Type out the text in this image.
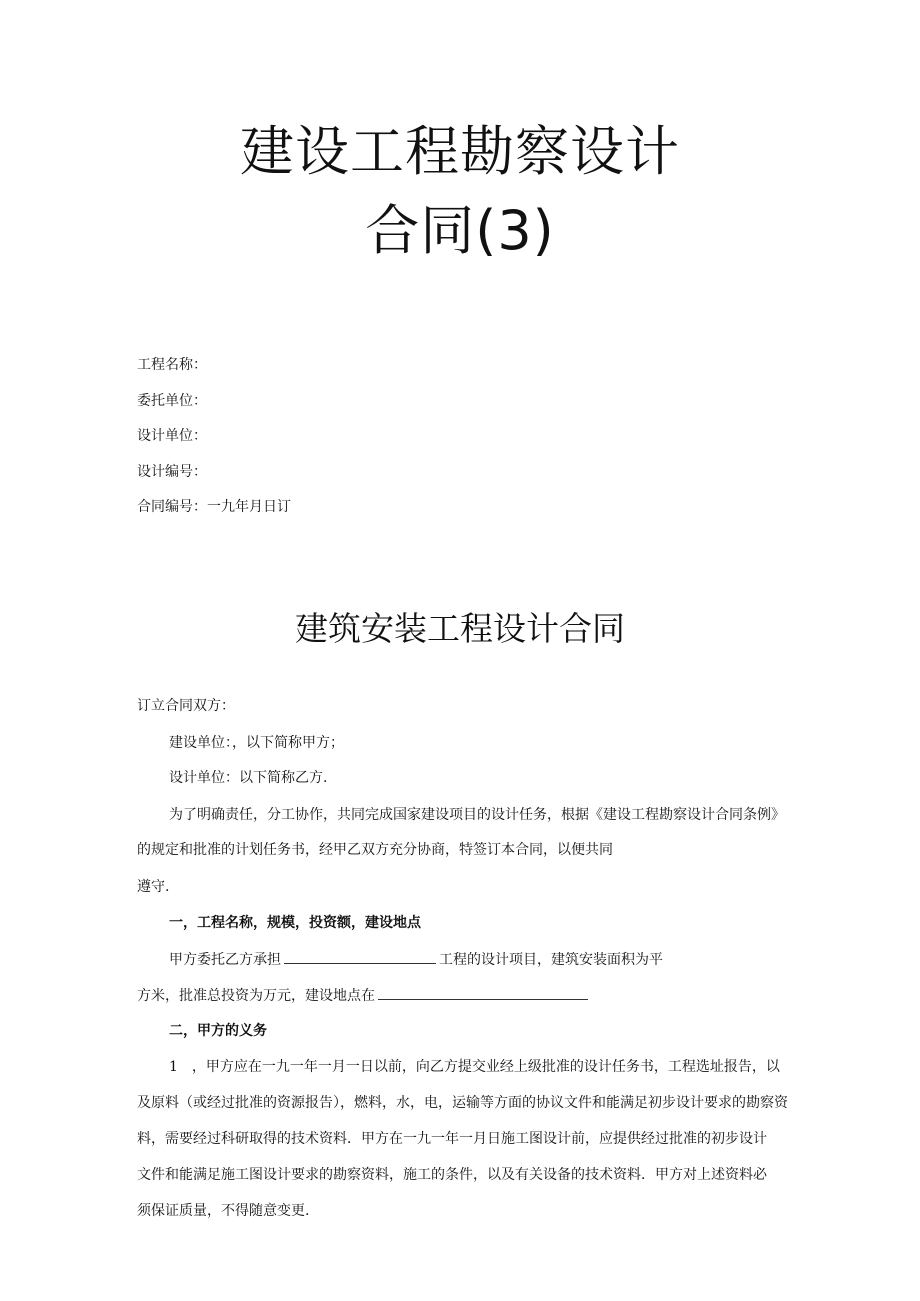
建设工程勘察设计
合同(3)
工程名称：
委托单位：
设计单位：
设计编号：
合同编号：一九年月日订
建筑安装工程设计合同
订立合同双方：
建设单位：，以下简称甲方；
设计单位：以下简称乙方.
为了明确责任，分工协作，共同完成国家建设项目的设计任务，根据《建设工程勘察设计合同条例》
的规定和批准的计划任务书，经甲乙双方充分协商，特签订本合同，以便共同
遵守.
一，工程名称，规模，投资额，建设地点
甲方委托乙方承担	工程的设计项目，建筑安装面积为平
方米，批准总投资为万元，建设地点在
二，甲方的义务
1　，甲方应在一九一年一月一日以前，向乙方提交业经上级批准的设计任务书，工程选址报告，以
及原料（或经过批准的资源报告），燃料，水，电，运输等方面的协议文件和能满足初步设计要求的勘察资
料，需要经过科研取得的技术资料．甲方在一九一年一月日施工图设计前，应提供经过批准的初步设计
文件和能满足施工图设计要求的勘察资料，施工的条件，以及有关设备的技术资料．甲方对上述资料必
须保证质量，不得随意变更.
